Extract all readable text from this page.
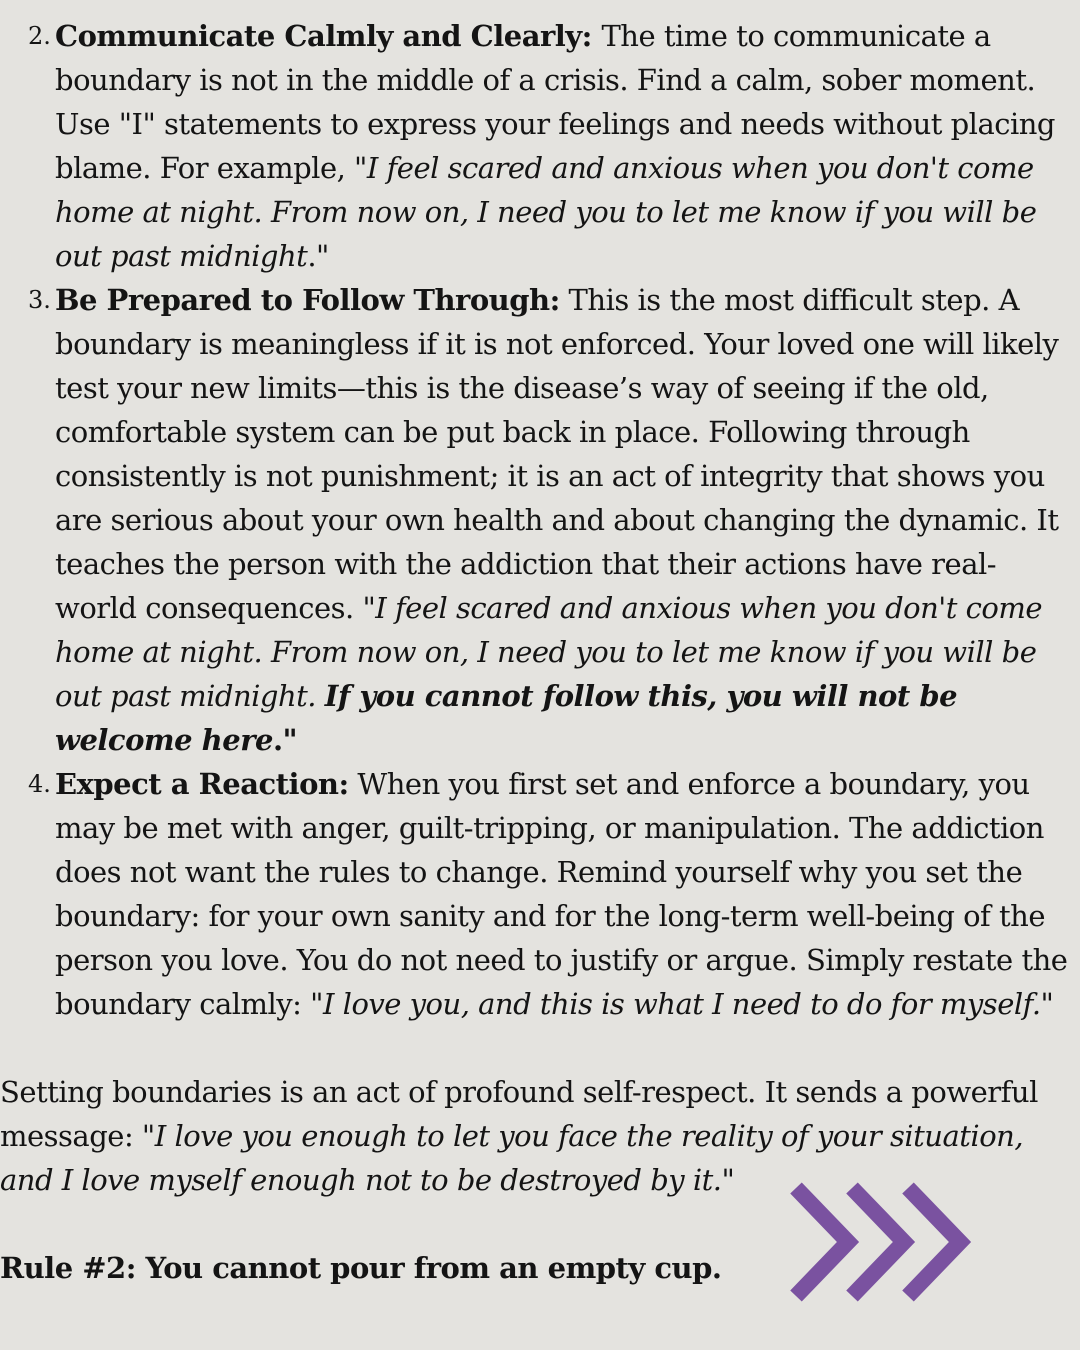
2. Communicate Calmly and Clearly: The time to communicate a boundary is not in the middle of a crisis. Find a calm, sober moment. Use "I" statements to express your feelings and needs without placing blame. For example, "I feel scared and anxious when you don't come home at night. From now on, I need you to let me know if you will be out past midnight."
3. Be Prepared to Follow Through: This is the most difficult step. A boundary is meaningless if it is not enforced. Your loved one will likely test your new limits—this is the disease’s way of seeing if the old, comfortable system can be put back in place. Following through consistently is not punishment; it is an act of integrity that shows you are serious about your own health and about changing the dynamic. It teaches the person with the addiction that their actions have real-world consequences. "I feel scared and anxious when you don't come home at night. From now on, I need you to let me know if you will be out past midnight. If you cannot follow this, you will not be welcome here."
4. Expect a Reaction: When you first set and enforce a boundary, you may be met with anger, guilt-tripping, or manipulation. The addiction does not want the rules to change. Remind yourself why you set the boundary: for your own sanity and for the long-term well-being of the person you love. You do not need to justify or argue. Simply restate the boundary calmly: "I love you, and this is what I need to do for myself."

Setting boundaries is an act of profound self-respect. It sends a powerful message: "I love you enough to let you face the reality of your situation, and I love myself enough not to be destroyed by it."

Rule #2: You cannot pour from an empty cup.
